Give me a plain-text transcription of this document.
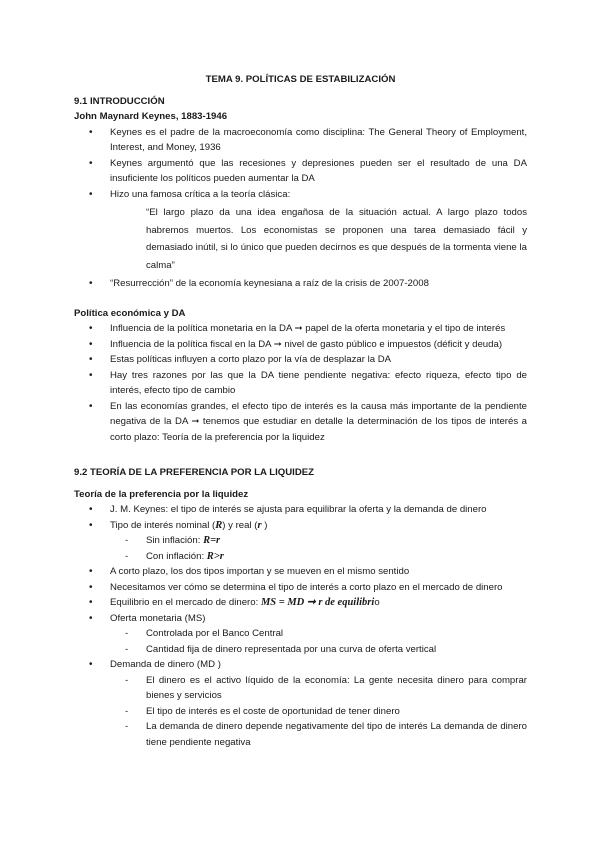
TEMA 9. POLÍTICAS DE ESTABILIZACIÓN
9.1 INTRODUCCIÓN
John Maynard Keynes, 1883-1946
• Keynes es el padre de la macroeconomía como disciplina: The General Theory of Employment, Interest, and Money, 1936
• Keynes argumentó que las recesiones y depresiones pueden ser el resultado de una DA insuficiente los políticos pueden aumentar la DA
• Hizo una famosa crítica a la teoría clásica:
“El largo plazo da una idea engañosa de la situación actual. A largo plazo todos habremos muertos. Los economistas se proponen una tarea demasiado fácil y demasiado inútil, si lo único que pueden decirnos es que después de la tormenta viene la calma”
• “Resurrección” de la economía keynesiana a raíz de la crisis de 2007-2008
Política económica y DA
• Influencia de la política monetaria en la DA ➞ papel de la oferta monetaria y el tipo de interés
• Influencia de la política fiscal en la DA ➞ nivel de gasto público e impuestos (déficit y deuda)
• Estas políticas influyen a corto plazo por la vía de desplazar la DA
• Hay tres razones por las que la DA tiene pendiente negativa: efecto riqueza, efecto tipo de interés, efecto tipo de cambio
• En las economías grandes, el efecto tipo de interés es la causa más importante de la pendiente negativa de la DA ➞ tenemos que estudiar en detalle la determinación de los tipos de interés a corto plazo: Teoría de la preferencia por la liquidez
9.2 TEORÍA DE LA PREFERENCIA POR LA LIQUIDEZ
Teoría de la preferencia por la liquidez
• J. M. Keynes: el tipo de interés se ajusta para equilibrar la oferta y la demanda de dinero
• Tipo de interés nominal (R) y real (r )
- Sin inflación: R=r
- Con inflación: R>r
• A corto plazo, los dos tipos importan y se mueven en el mismo sentido
• Necesitamos ver cómo se determina el tipo de interés a corto plazo en el mercado de dinero
• Equilibrio en el mercado de dinero: MS = MD ➞ r de equilibrio
• Oferta monetaria (MS)
- Controlada por el Banco Central
- Cantidad fija de dinero representada por una curva de oferta vertical
• Demanda de dinero (MD )
- El dinero es el activo líquido de la economía: La gente necesita dinero para comprar bienes y servicios
- El tipo de interés es el coste de oportunidad de tener dinero
- La demanda de dinero depende negativamente del tipo de interés La demanda de dinero tiene pendiente negativa
